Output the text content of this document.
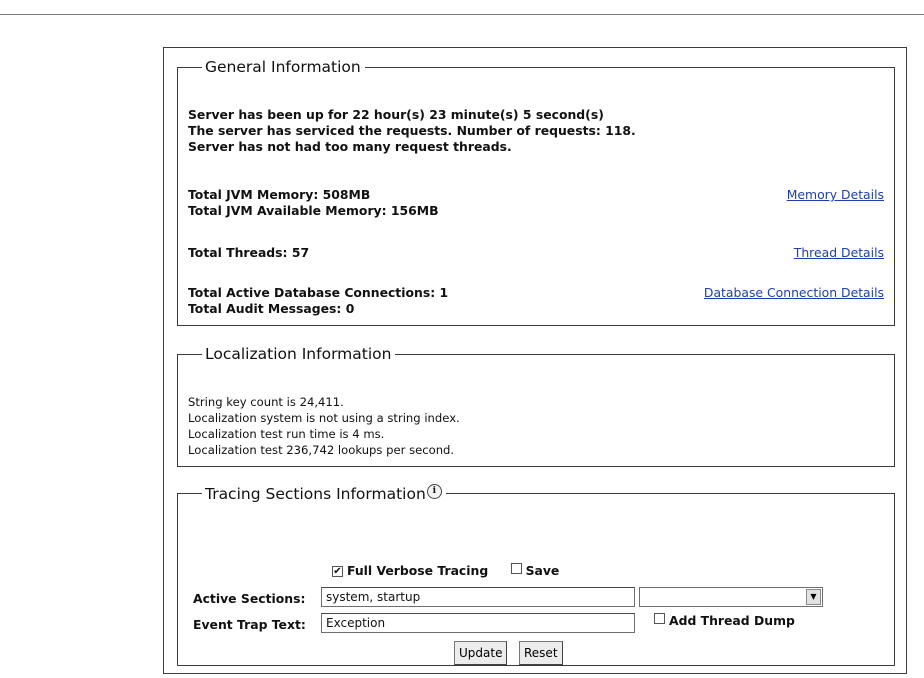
General Information
Server has been up for 22 hour(s) 23 minute(s) 5 second(s)
The server has serviced the requests. Number of requests: 118.
Server has not had too many request threads.
Total JVM Memory: 508MB
Total JVM Available Memory: 156MB
Memory Details
Total Threads: 57	Thread Details
Total Active Database Connections: 1
Total Audit Messages: 0
Database Connection Details
Localization Information
String key count is 24,411.
Localization system is not using a string index.
Localization test run time is 4 ms.
Localization test 236,742 lookups per second.
Tracing Sections Information i
✔ Full Verbose Tracing	Save
Active Sections:
system, startup	▼
Event Trap Text:
Exception	Add Thread Dump
Update	Reset
